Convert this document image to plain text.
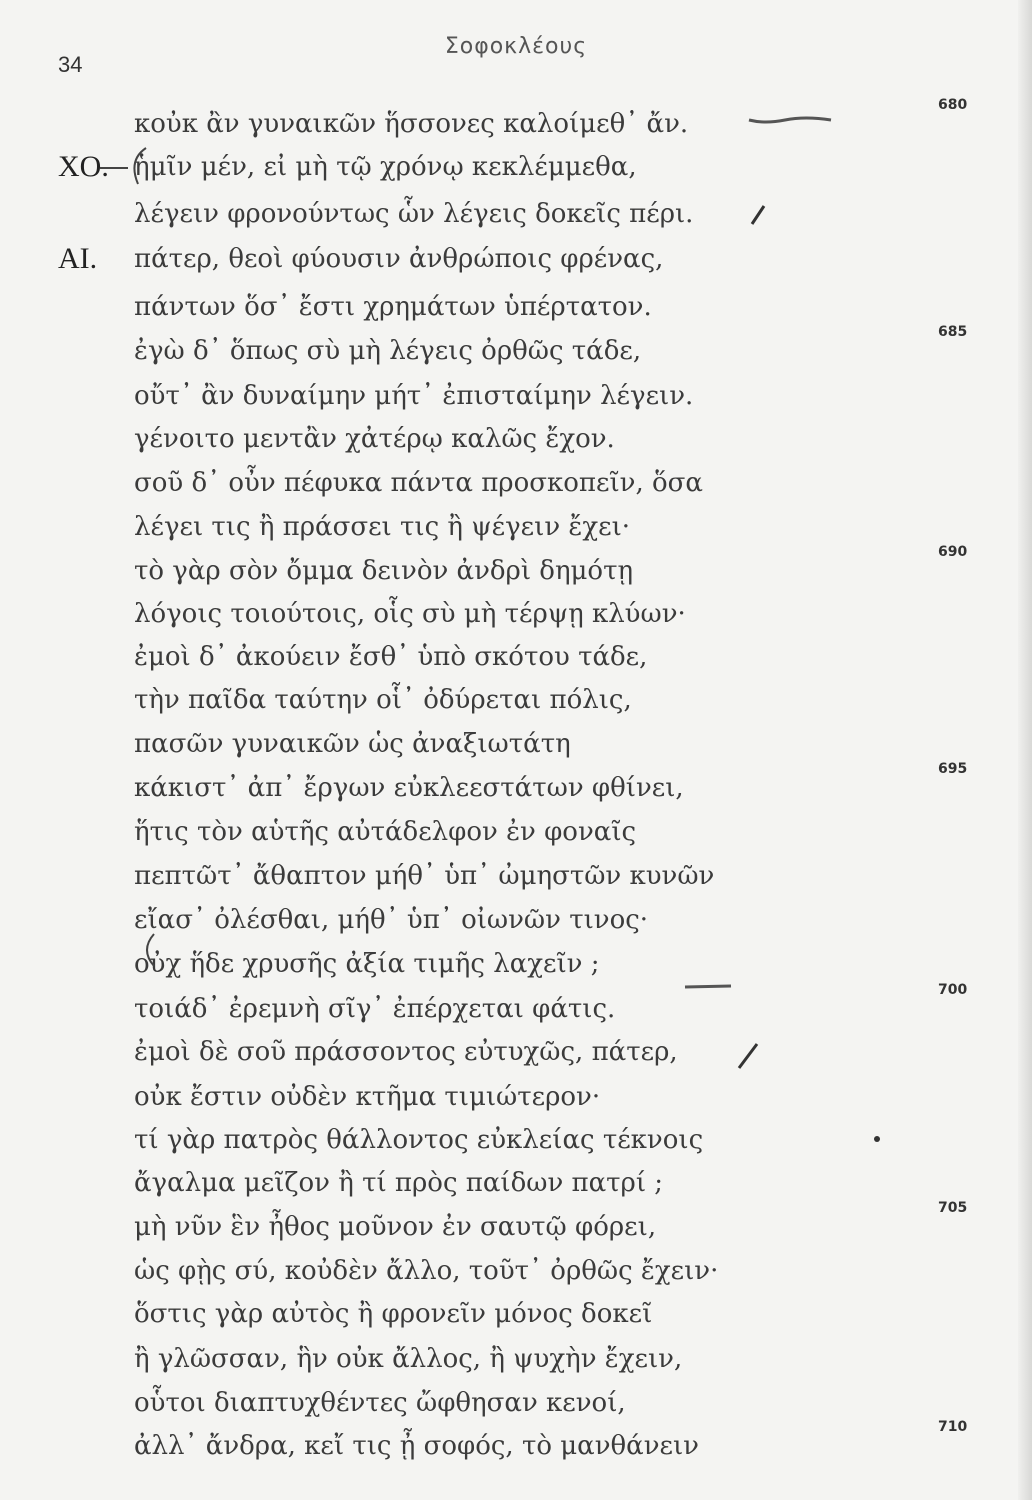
34
Σοφοκλέους
κοὐκ ἂν γυναικῶν ἥσσονες καλοίμεθ᾽ ἄν.
680
ΧΟ. ἡμῖν μέν, εἰ μὴ τῷ χρόνῳ κεκλέμμεθα,
λέγειν φρονούντως ὧν λέγεις δοκεῖς πέρι.
ΑΙ. πάτερ, θεοὶ φύουσιν ἀνθρώποις φρένας,
πάντων ὅσ᾽ ἔστι χρημάτων ὑπέρτατον.
ἐγὼ δ᾽ ὅπως σὺ μὴ λέγεις ὀρθῶς τάδε,
685
οὔτ᾽ ἂν δυναίμην μήτ᾽ ἐπισταίμην λέγειν.
γένοιτο μεντἂν χἀτέρῳ καλῶς ἔχον.
σοῦ δ᾽ οὖν πέφυκα πάντα προσκοπεῖν, ὅσα
λέγει τις ἢ πράσσει τις ἢ ψέγειν ἔχει·
τὸ γὰρ σὸν ὄμμα δεινὸν ἀνδρὶ δημότῃ
690
λόγοις τοιούτοις, οἷς σὺ μὴ τέρψῃ κλύων·
ἐμοὶ δ᾽ ἀκούειν ἔσθ᾽ ὑπὸ σκότου τάδε,
τὴν παῖδα ταύτην οἷ᾽ ὀδύρεται πόλις,
πασῶν γυναικῶν ὡς ἀναξιωτάτη
κάκιστ᾽ ἀπ᾽ ἔργων εὐκλεεστάτων φθίνει,
695
ἥτις τὸν αὑτῆς αὐτάδελφον ἐν φοναῖς
πεπτῶτ᾽ ἄθαπτον μήθ᾽ ὑπ᾽ ὠμηστῶν κυνῶν
εἴασ᾽ ὀλέσθαι, μήθ᾽ ὑπ᾽ οἰωνῶν τινος·
οὐχ ἥδε χρυσῆς ἀξία τιμῆς λαχεῖν ;
τοιάδ᾽ ἐρεμνὴ σῖγ᾽ ἐπέρχεται φάτις.
700
ἐμοὶ δὲ σοῦ πράσσοντος εὐτυχῶς, πάτερ,
οὐκ ἔστιν οὐδὲν κτῆμα τιμιώτερον·
τί γὰρ πατρὸς θάλλοντος εὐκλείας τέκνοις
ἄγαλμα μεῖζον ἢ τί πρὸς παίδων πατρί ;
μὴ νῦν ἓν ἦθος μοῦνον ἐν σαυτῷ φόρει,
705
ὡς φῂς σύ, κοὐδὲν ἄλλο, τοῦτ᾽ ὀρθῶς ἔχειν·
ὅστις γὰρ αὐτὸς ἢ φρονεῖν μόνος δοκεῖ
ἢ γλῶσσαν, ἣν οὐκ ἄλλος, ἢ ψυχὴν ἔχειν,
οὗτοι διαπτυχθέντες ὤφθησαν κενοί,
ἀλλ᾽ ἄνδρα, κεἴ τις ᾖ σοφός, τὸ μανθάνειν
710
